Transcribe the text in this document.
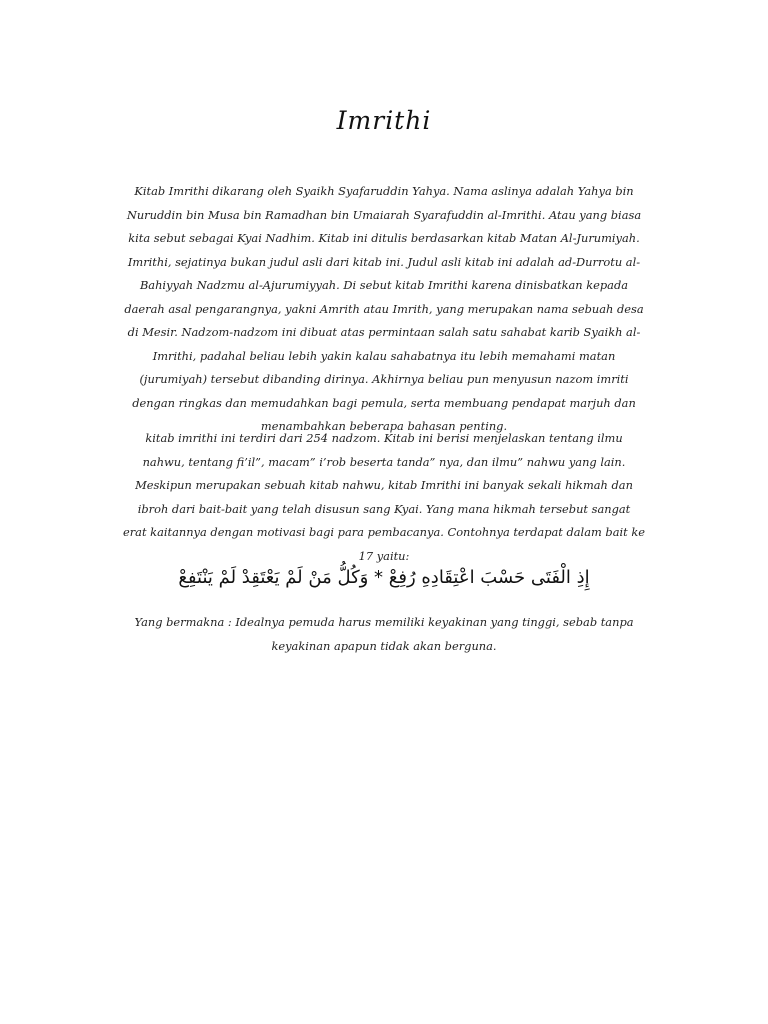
Imrithi

Kitab Imrithi dikarang oleh Syaikh Syafaruddin Yahya. Nama aslinya adalah Yahya bin
Nuruddin bin Musa bin Ramadhan bin Umaiarah Syarafuddin al-Imrithi. Atau yang biasa
kita sebut sebagai Kyai Nadhim. Kitab ini ditulis berdasarkan kitab Matan Al-Jurumiyah.
Imrithi, sejatinya bukan judul asli dari kitab ini. Judul asli kitab ini adalah ad-Durrotu al-
Bahiyyah Nadzmu al-Ajurumiyyah. Di sebut kitab Imrithi karena dinisbatkan kepada
daerah asal pengarangnya, yakni Amrith atau Imrith, yang merupakan nama sebuah desa
di Mesir. Nadzom-nadzom ini dibuat atas permintaan salah satu sahabat karib Syaikh al-
Imrithi, padahal beliau lebih yakin kalau sahabatnya itu lebih memahami matan
(jurumiyah) tersebut dibanding dirinya. Akhirnya beliau pun menyusun nazom imriti
dengan ringkas dan memudahkan bagi pemula, serta membuang pendapat marjuh dan
menambahkan beberapa bahasan penting.

kitab imrithi ini terdiri dari 254 nadzom. Kitab ini berisi menjelaskan tentang ilmu
nahwu, tentang fi’il”, macam” i’rob beserta tanda” nya, dan ilmu” nahwu yang lain.
Meskipun merupakan sebuah kitab nahwu, kitab Imrithi ini banyak sekali hikmah dan
ibroh dari bait-bait yang telah disusun sang Kyai. Yang mana hikmah tersebut sangat
erat kaitannya dengan motivasi bagi para pembacanya. Contohnya terdapat dalam bait ke
17 yaitu:

إِذِ الْفَتَى حَسْبَ اعْتِقَادِهِ رُفِعْ * وَكُلُّ مَنْ لَمْ يَعْتَقِدْ لَمْ يَنْتَفِعْ

Yang bermakna : Idealnya pemuda harus memiliki keyakinan yang tinggi, sebab tanpa
keyakinan apapun tidak akan berguna.
